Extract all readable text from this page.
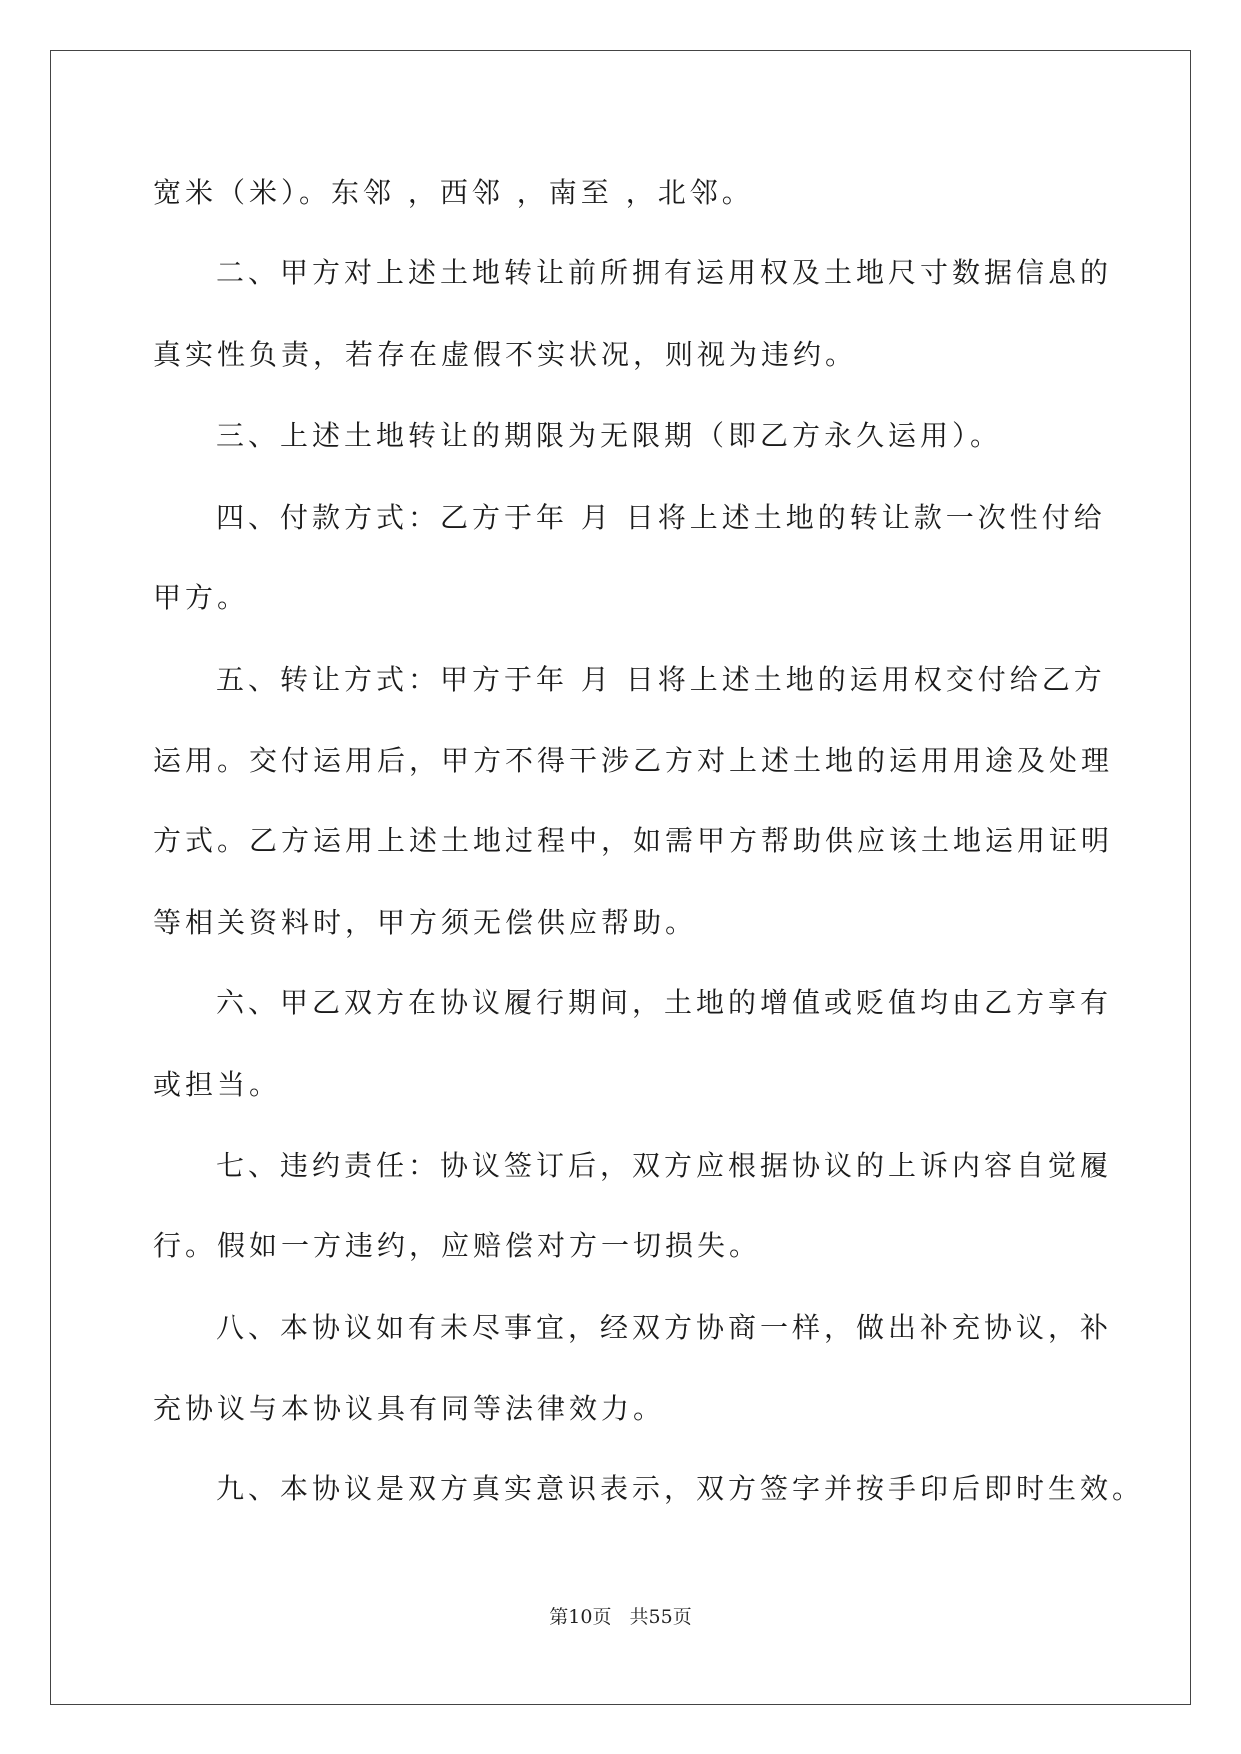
宽米（米）。东邻 ，西邻 ，南至 ，北邻。
二、甲方对上述土地转让前所拥有运用权及土地尺寸数据信息的
真实性负责，若存在虚假不实状况，则视为违约。
三、上述土地转让的期限为无限期（即乙方永久运用）。
四、付款方式：乙方于年 月 日将上述土地的转让款一次性付给
甲方。
五、转让方式：甲方于年 月 日将上述土地的运用权交付给乙方
运用。交付运用后，甲方不得干涉乙方对上述土地的运用用途及处理
方式。乙方运用上述土地过程中，如需甲方帮助供应该土地运用证明
等相关资料时，甲方须无偿供应帮助。
六、甲乙双方在协议履行期间，土地的增值或贬值均由乙方享有
或担当。
七、违约责任：协议签订后，双方应根据协议的上诉内容自觉履
行。假如一方违约，应赔偿对方一切损失。
八、本协议如有未尽事宜，经双方协商一样，做出补充协议，补
充协议与本协议具有同等法律效力。
九、本协议是双方真实意识表示，双方签字并按手印后即时生效。
第10页 共55页
